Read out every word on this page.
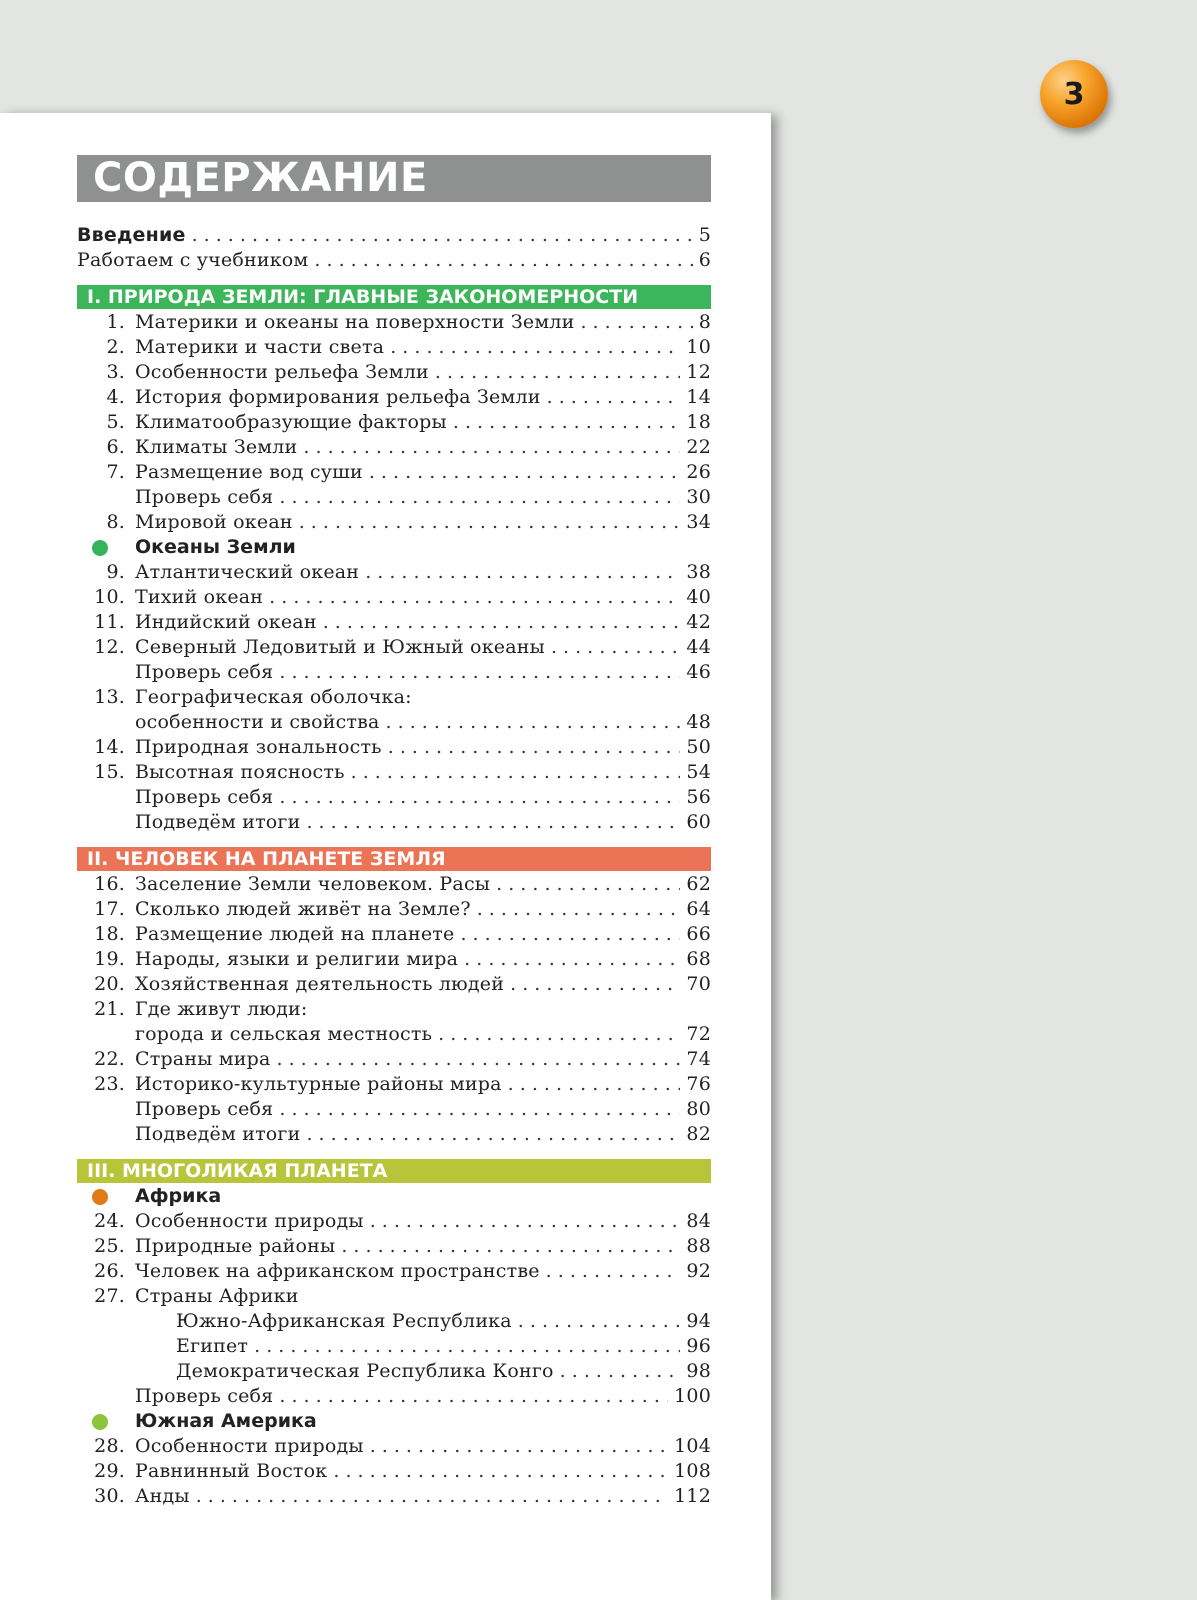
3
СОДЕРЖАНИЕ
Введение . . .	5
Работаем с учебником . . .	6
I. ПРИРОДА ЗЕМЛИ: ГЛАВНЫЕ ЗАКОНОМЕРНОСТИ
1. Материки и океаны на поверхности Земли . . .	8
2. Материки и части света . . .	10
3. Особенности рельефа Земли . . .	12
4. История формирования рельефа Земли . . .	14
5. Климатообразующие факторы . . .	18
6. Климаты Земли . . .	22
7. Размещение вод суши . . .	26
Проверь себя . . .	30
8. Мировой океан . . .	34
Океаны Земли
9. Атлантический океан . . .	38
10. Тихий океан . . .	40
11. Индийский океан . . .	42
12. Северный Ледовитый и Южный океаны . . .	44
Проверь себя . . .	46
13. Географическая оболочка:
особенности и свойства . . .	48
14. Природная зональность . . .	50
15. Высотная поясность . . .	54
Проверь себя . . .	56
Подведём итоги . . .	60
II. ЧЕЛОВЕК НА ПЛАНЕТЕ ЗЕМЛЯ
16. Заселение Земли человеком. Расы . . .	62
17. Сколько людей живёт на Земле? . . .	64
18. Размещение людей на планете . . .	66
19. Народы, языки и религии мира . . .	68
20. Хозяйственная деятельность людей . . .	70
21. Где живут люди:
города и сельская местность . . .	72
22. Страны мира . . .	74
23. Историко-культурные районы мира . . .	76
Проверь себя . . .	80
Подведём итоги . . .	82
III. МНОГОЛИКАЯ ПЛАНЕТА
Африка
24. Особенности природы . . .	84
25. Природные районы . . .	88
26. Человек на африканском пространстве . . .	92
27. Страны Африки
Южно-Африканская Республика . . .	94
Египет . . .	96
Демократическая Республика Конго . . .	98
Проверь себя . . .	100
Южная Америка
28. Особенности природы . . .	104
29. Равнинный Восток . . .	108
30. Анды . . .	112
